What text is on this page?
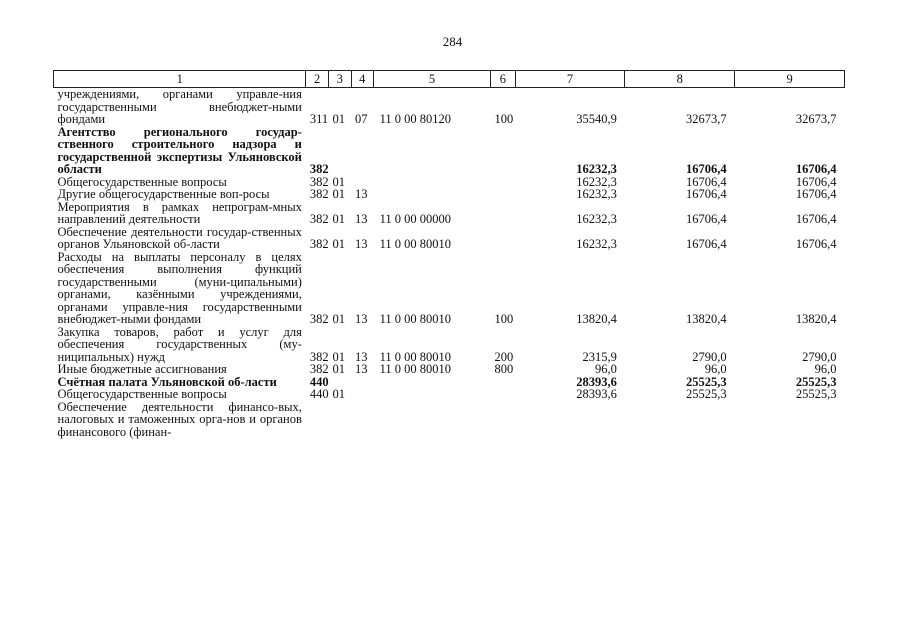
284
1	2	3	4	5	6	7	8	9
учреждениями, органами управле-ния государственными внебюджет-ными фондами	311	01	07	11 0 00 80120	100	35540,9	32673,7	32673,7
Агентство регионального государ-ственного строительного надзора и государственной экспертизы Ульяновской области	382					16232,3	16706,4	16706,4
Общегосударственные вопросы	382	01				16232,3	16706,4	16706,4
Другие общегосударственные воп-росы	382	01	13			16232,3	16706,4	16706,4
Мероприятия в рамках непрограм-мных направлений деятельности	382	01	13	11 0 00 00000		16232,3	16706,4	16706,4
Обеспечение деятельности государ-ственных органов Ульяновской об-ласти	382	01	13	11 0 00 80010		16232,3	16706,4	16706,4
Расходы на выплаты персоналу в целях обеспечения выполнения функций государственными (муни-ципальными) органами, казёнными учреждениями, органами управле-ния государственными внебюджет-ными фондами	382	01	13	11 0 00 80010	100	13820,4	13820,4	13820,4
Закупка товаров, работ и услуг для обеспечения государственных (му-ниципальных) нужд	382	01	13	11 0 00 80010	200	2315,9	2790,0	2790,0
Иные бюджетные ассигнования	382	01	13	11 0 00 80010	800	96,0	96,0	96,0
Счётная палата Ульяновской об-ласти	440					28393,6	25525,3	25525,3
Общегосударственные вопросы	440	01				28393,6	25525,3	25525,3
Обеспечение деятельности финансо-вых, налоговых и таможенных орга-нов и органов финансового (финан-								
